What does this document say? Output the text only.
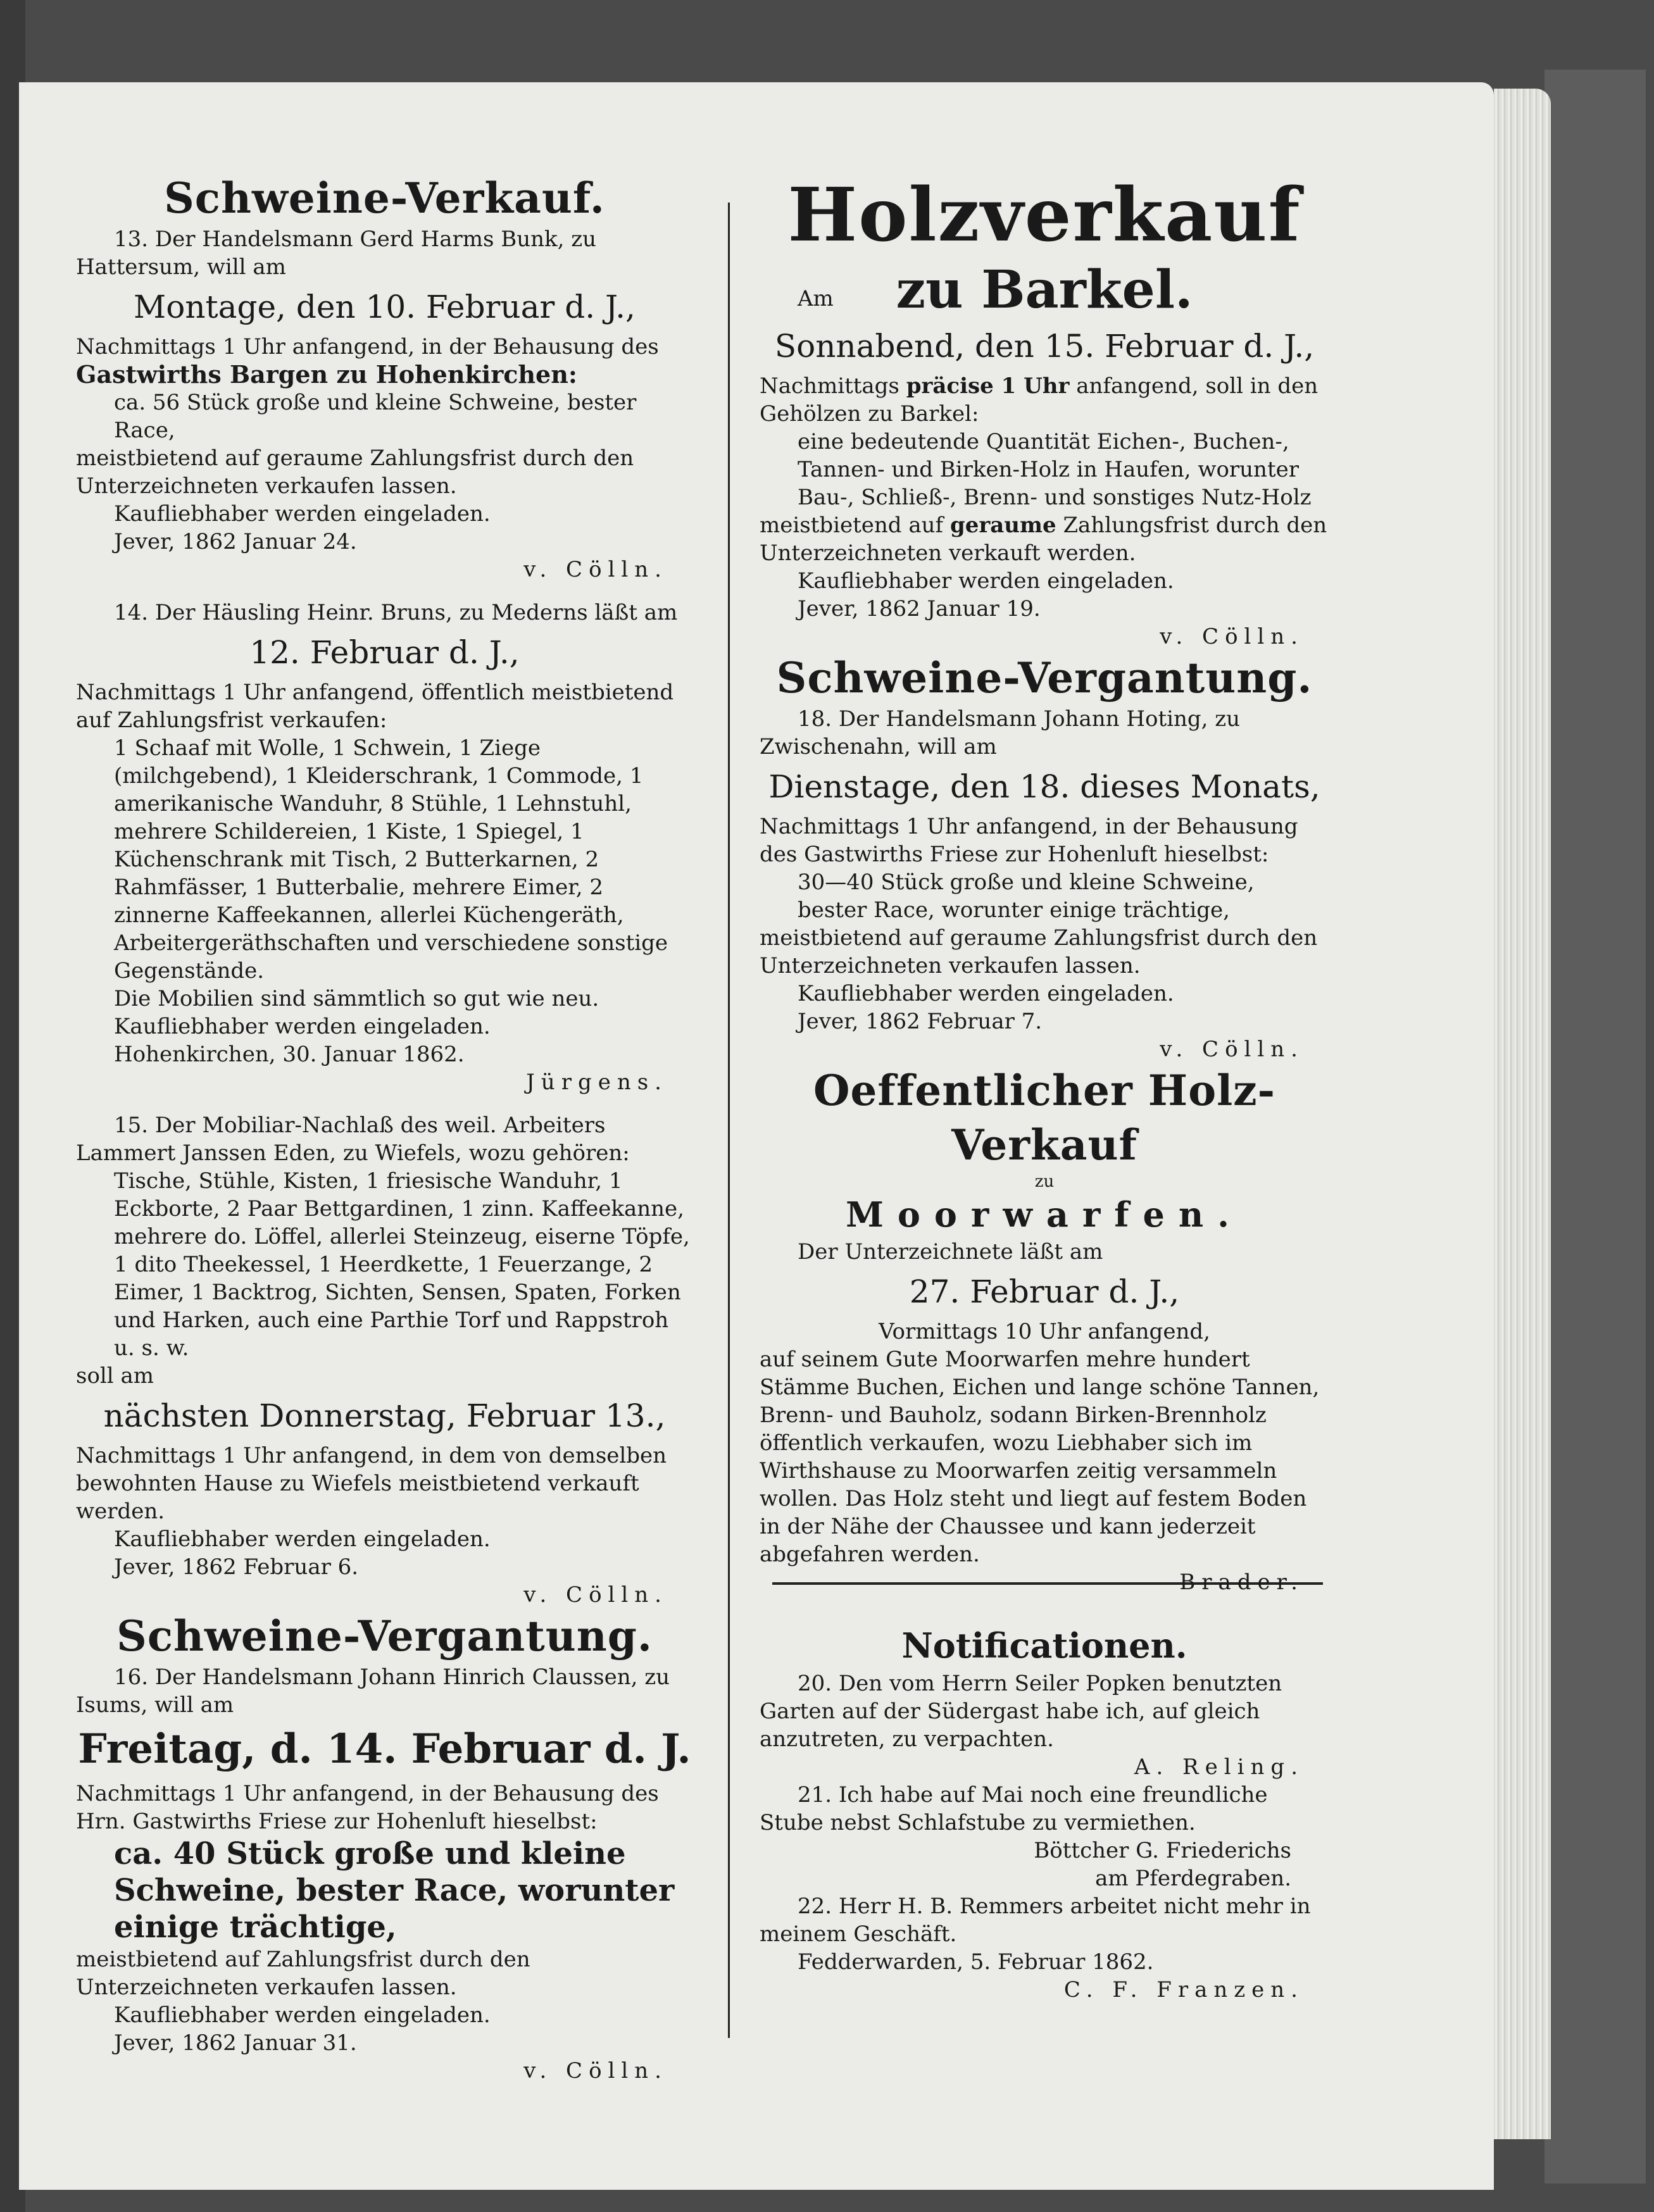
Schweine-Verkauf.

13. Der Handelsmann Gerd Harms Bunk, zu Hattersum, will am

Montage, den 10. Februar d. J.,

Nachmittags 1 Uhr anfangend, in der Behausung des

Gastwirths Bargen zu Hohenkirchen:

ca. 56 Stück große und kleine Schweine, bester Race,

meistbietend auf geraume Zahlungsfrist durch den Unterzeichneten verkaufen lassen.

Kaufliebhaber werden eingeladen.

Jever, 1862 Januar 24.

v. Cölln.

14. Der Häusling Heinr. Bruns, zu Mederns läßt am

12. Februar d. J.,

Nachmittags 1 Uhr anfangend, öffentlich meistbietend auf Zahlungsfrist verkaufen:

1 Schaaf mit Wolle, 1 Schwein, 1 Ziege (milchgebend), 1 Kleiderschrank, 1 Commode, 1 amerikanische Wanduhr, 8 Stühle, 1 Lehnstuhl, mehrere Schildereien, 1 Kiste, 1 Spiegel, 1 Küchenschrank mit Tisch, 2 Butterkarnen, 2 Rahmfässer, 1 Butterbalie, mehrere Eimer, 2 zinnerne Kaffeekannen, allerlei Küchengeräth, Arbeitergeräthschaften und verschiedene sonstige Gegenstände.

Die Mobilien sind sämmtlich so gut wie neu.

Kaufliebhaber werden eingeladen.

Hohenkirchen, 30. Januar 1862.

Jürgens.

15. Der Mobiliar-Nachlaß des weil. Arbeiters Lammert Janssen Eden, zu Wiefels, wozu gehören:

Tische, Stühle, Kisten, 1 friesische Wanduhr, 1 Eckborte, 2 Paar Bettgardinen, 1 zinn. Kaffeekanne, mehrere do. Löffel, allerlei Steinzeug, eiserne Töpfe, 1 dito Theekessel, 1 Heerdkette, 1 Feuerzange, 2 Eimer, 1 Backtrog, Sichten, Sensen, Spaten, Forken und Harken, auch eine Parthie Torf und Rappstroh u. s. w.

soll am

nächsten Donnerstag, Februar 13.,

Nachmittags 1 Uhr anfangend, in dem von demselben bewohnten Hause zu Wiefels meistbietend verkauft werden.

Kaufliebhaber werden eingeladen.

Jever, 1862 Februar 6.

v. Cölln.

Schweine-Vergantung.

16. Der Handelsmann Johann Hinrich Claussen, zu Isums, will am

Freitag, d. 14. Februar d. J.

Nachmittags 1 Uhr anfangend, in der Behausung des Hrn. Gastwirths Friese zur Hohenluft hieselbst:

ca. 40 Stück große und kleine Schweine, bester Race, worunter einige trächtige,

meistbietend auf Zahlungsfrist durch den Unterzeichneten verkaufen lassen.

Kaufliebhaber werden eingeladen.

Jever, 1862 Januar 31.

v. Cölln.

Holzverkauf
Am	zu Barkel.
Sonnabend, den 15. Februar d. J.,

Nachmittags präcise 1 Uhr anfangend, soll in den Gehölzen zu Barkel:

eine bedeutende Quantität Eichen-, Buchen-, Tannen- und Birken-Holz in Haufen, worunter Bau-, Schließ-, Brenn- und sonstiges Nutz-Holz

meistbietend auf geraume Zahlungsfrist durch den Unterzeichneten verkauft werden.

Kaufliebhaber werden eingeladen.

Jever, 1862 Januar 19.

v. Cölln.

Schweine-Vergantung.

18. Der Handelsmann Johann Hoting, zu Zwischenahn, will am

Dienstage, den 18. dieses Monats,

Nachmittags 1 Uhr anfangend, in der Behausung des Gastwirths Friese zur Hohenluft hieselbst:

30—40 Stück große und kleine Schweine, bester Race, worunter einige trächtige,

meistbietend auf geraume Zahlungsfrist durch den Unterzeichneten verkaufen lassen.

Kaufliebhaber werden eingeladen.

Jever, 1862 Februar 7.

v. Cölln.

Oeffentlicher Holz-Verkauf
zu
Moorwarfen.

Der Unterzeichnete läßt am

27. Februar d. J.,

Vormittags 10 Uhr anfangend,

auf seinem Gute Moorwarfen mehre hundert Stämme Buchen, Eichen und lange schöne Tannen, Brenn- und Bauholz, sodann Birken-Brennholz öffentlich verkaufen, wozu Liebhaber sich im Wirthshause zu Moorwarfen zeitig versammeln wollen. Das Holz steht und liegt auf festem Boden in der Nähe der Chaussee und kann jederzeit abgefahren werden.

Brader.

Notificationen.

20. Den vom Herrn Seiler Popken benutzten Garten auf der Südergast habe ich, auf gleich anzutreten, zu verpachten.

A. Reling.

21. Ich habe auf Mai noch eine freundliche Stube nebst Schlafstube zu vermiethen.

Böttcher G. Friederichs

am Pferdegraben.

22. Herr H. B. Remmers arbeitet nicht mehr in meinem Geschäft.

Fedderwarden, 5. Februar 1862.

C. F. Franzen.
